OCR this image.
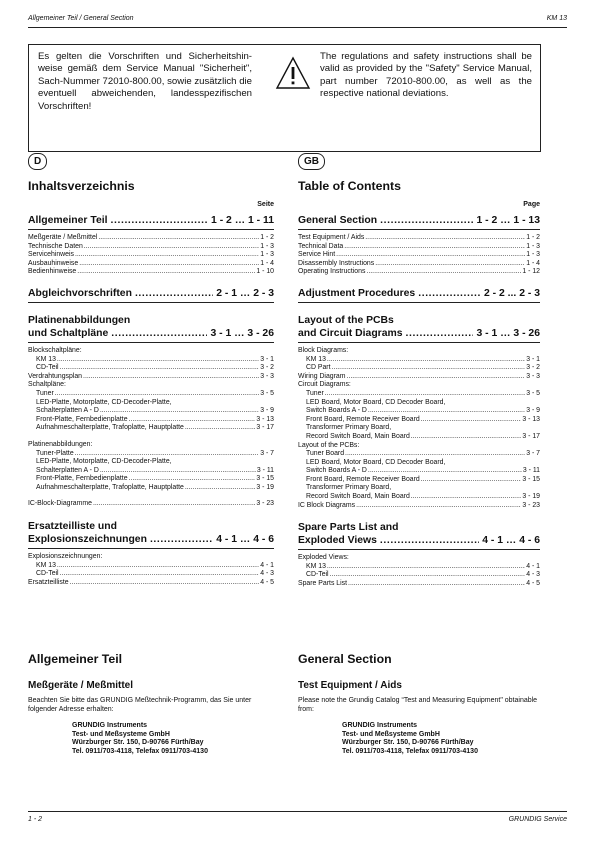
Allgemeiner Teil / General Section	KM 13
Es gelten die Vorschriften und Sicherheitshin-weise gemäß dem Service Manual "Sicherheit", Sach-Nummer 72010-800.00, sowie zusätzlich die eventuell abweichenden, landesspezifischen Vorschriften!
The regulations and safety instructions shall be valid as provided by the "Safety" Service Manual, part number 72010-800.00, as well as the respective national deviations.
D
Inhaltsverzeichnis
Seite
Allgemeiner Teil .....	1 - 2 … 1 - 11
Meßgeräte / Meßmittel .....	1 - 2
Technische Daten .....	1 - 3
Servicehinweis .....	1 - 3
Ausbauhinweise .....	1 - 4
Bedienhinweise .....	1 - 10
Abgleichvorschriften .....	2 - 1 … 2 - 3
Platinenabbildungen
und Schaltpläne .....	3 - 1 … 3 - 26
Blockschaltpläne:
KM 13 .....	3 - 1
CD-Teil .....	3 - 2
Verdrahtungsplan .....	3 - 3
Schaltpläne:
Tuner .....	3 - 5
LED-Platte, Motorplatte, CD-Decoder-Platte,
Schalterplatten A - D .....	3 - 9
Front-Platte, Fernbedienplatte .....	3 - 13
Aufnahmeschalterplatte, Trafoplatte, Hauptplatte .....	3 - 17
Platinenabbildungen:
Tuner-Platte .....	3 - 7
LED-Platte, Motorplatte, CD-Decoder-Platte,
Schalterplatten A - D .....	3 - 11
Front-Platte, Fernbedienplatte .....	3 - 15
Aufnahmeschalterplatte, Trafoplatte, Hauptplatte .....	3 - 19
IC-Block-Diagramme .....	3 - 23
Ersatzteilliste und
Explosionszeichnungen .....	4 - 1 … 4 - 6
Explosionszeichnungen:
KM 13 .....	4 - 1
CD-Teil .....	4 - 3
Ersatzteilliste .....	4 - 5
GB
Table of Contents
Page
General Section .....	1 - 2 … 1 - 13
Test Equipment / Aids .....	1 - 2
Technical Data .....	1 - 3
Service Hint .....	1 - 3
Disassembly Instructions .....	1 - 4
Operating Instructions .....	1 - 12
Adjustment Procedures .....	2 - 2 ... 2 - 3
Layout of the PCBs
and Circuit Diagrams .....	3 - 1 … 3 - 26
Block Diagrams:
KM 13 .....	3 - 1
CD Part .....	3 - 2
Wiring Diagram .....	3 - 3
Circuit Diagrams:
Tuner .....	3 - 5
LED Board, Motor Board, CD Decoder Board,
Switch Boards A - D .....	3 - 9
Front Board, Remote Receiver Board .....	3 - 13
Transformer Primary Board,
Record Switch Board, Main Board .....	3 - 17
Layout of the PCBs:
Tuner Board .....	3 - 7
LED Board, Motor Board, CD Decoder Board,
Switch Boards A - D .....	3 - 11
Front Board, Remote Receiver Board .....	3 - 15
Transformer Primary Board,
Record Switch Board, Main Board .....	3 - 19
IC Block Diagrams .....	3 - 23
Spare Parts List and
Exploded Views .....	4 - 1 … 4 - 6
Exploded Views:
KM 13 .....	4 - 1
CD-Teil .....	4 - 3
Spare Parts List .....	4 - 5
Allgemeiner Teil
Meßgeräte / Meßmittel
Beachten Sie bitte das GRUNDIG Meßtechnik-Programm, das Sie unter folgender Adresse erhalten:
GRUNDIG Instruments
Test- und Meßsysteme GmbH
Würzburger Str. 150, D-90766 Fürth/Bay
Tel. 0911/703-4118, Telefax 0911/703-4130
General Section
Test Equipment / Aids
Please note the Grundig Catalog “Test and Measuring Equipment" obtainable from:
GRUNDIG Instruments
Test- und Meßsysteme GmbH
Würzburger Str. 150, D-90766 Fürth/Bay
Tel. 0911/703-4118, Telefax 0911/703-4130
1 - 2	GRUNDIG Service
